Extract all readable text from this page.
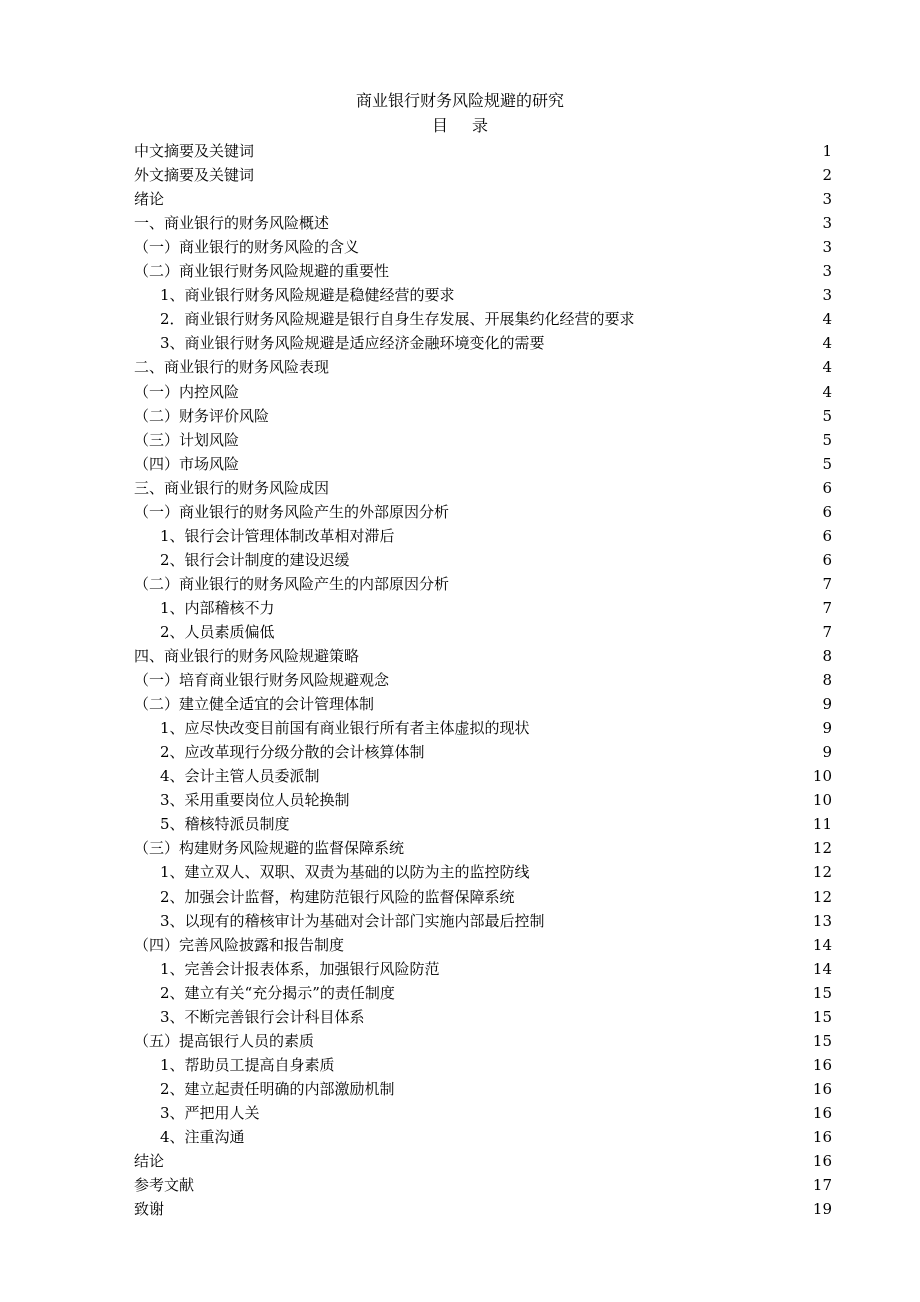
商业银行财务风险规避的研究
目录
中文摘要及关键词	1
外文摘要及关键词	2
绪论	3
一、商业银行的财务风险概述	3
（一）商业银行的财务风险的含义	3
（二）商业银行财务风险规避的重要性	3
1、商业银行财务风险规避是稳健经营的要求	3
2．商业银行财务风险规避是银行自身生存发展、开展集约化经营的要求	4
3、商业银行财务风险规避是适应经济金融环境变化的需要	4
二、商业银行的财务风险表现	4
（一）内控风险	4
（二）财务评价风险	5
（三）计划风险	5
（四）市场风险	5
三、商业银行的财务风险成因	6
（一）商业银行的财务风险产生的外部原因分析	6
1、银行会计管理体制改革相对滞后	6
2、银行会计制度的建设迟缓	6
（二）商业银行的财务风险产生的内部原因分析	7
1、内部稽核不力	7
2、人员素质偏低	7
四、商业银行的财务风险规避策略	8
（一）培育商业银行财务风险规避观念	8
（二）建立健全适宜的会计管理体制	9
1、应尽快改变目前国有商业银行所有者主体虚拟的现状	9
2、应改革现行分级分散的会计核算体制	9
4、会计主管人员委派制	10
3、采用重要岗位人员轮换制	10
5、稽核特派员制度	11
（三）构建财务风险规避的监督保障系统	12
1、建立双人、双职、双责为基础的以防为主的监控防线	12
2、加强会计监督，构建防范银行风险的监督保障系统	12
3、以现有的稽核审计为基础对会计部门实施内部最后控制	13
（四）完善风险披露和报告制度	14
1、完善会计报表体系，加强银行风险防范	14
2、建立有关“充分揭示”的责任制度	15
3、不断完善银行会计科目体系	15
（五）提高银行人员的素质	15
1、帮助员工提高自身素质	16
2、建立起责任明确的内部激励机制	16
3、严把用人关	16
4、注重沟通	16
结论	16
参考文献	17
致谢	19
